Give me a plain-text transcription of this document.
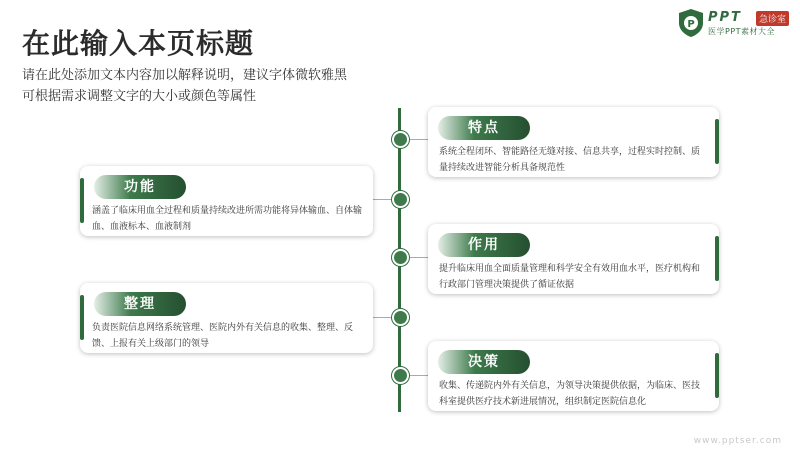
在此输入本页标题
请在此处添加文本内容加以解释说明，建议字体微软雅黑
可根据需求调整文字的大小或颜色等属性
P PPT	急诊室
医学PPT素材大全
特点
系统全程闭环、智能路径无缝对接、信息共享，过程实时控制、质量持续改进智能分析具备规范性
功能
涵盖了临床用血全过程和质量持续改进所需功能将异体输血、自体输血、血液标本、血液制剂
作用
提升临床用血全面质量管理和科学安全有效用血水平，医疗机构和行政部门管理决策提供了循证依据
整理
负责医院信息网络系统管理、医院内外有关信息的收集、整理、反馈、上报有关上级部门的领导
决策
收集、传递院内外有关信息，为领导决策提供依据，为临床、医技科室提供医疗技术新进展情况，组织制定医院信息化
www.pptser.com
